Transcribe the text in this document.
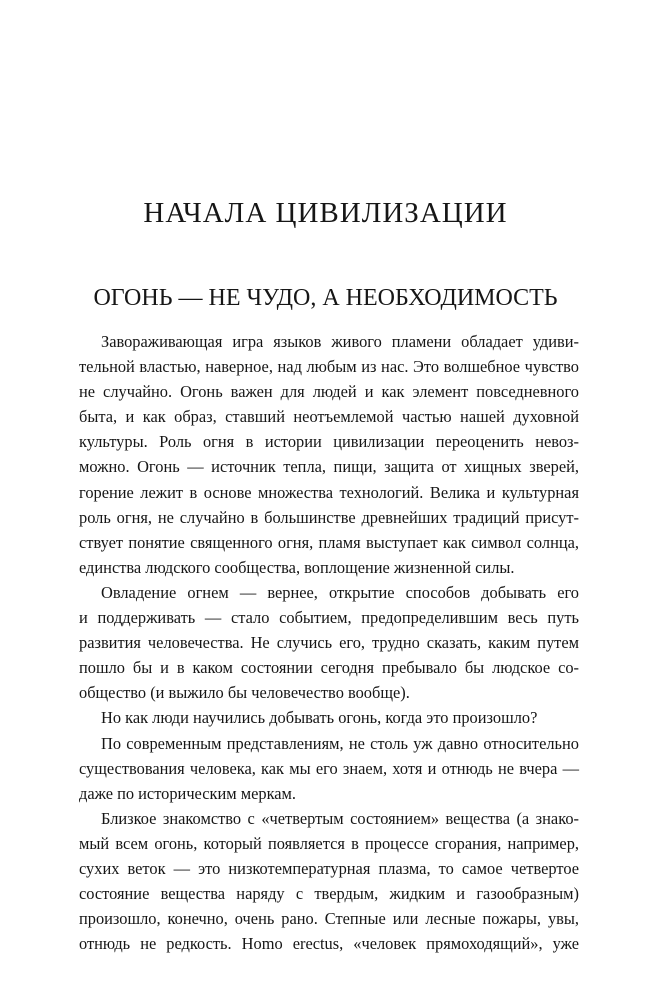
НАЧАЛА ЦИВИЛИЗАЦИИ
ОГОНЬ — НЕ ЧУДО, А НЕОБХОДИМОСТЬ
Завораживающая игра языков живого пламени обладает удиви-
тельной властью, наверное, над любым из нас. Это волшебное чувство
не случайно. Огонь важен для людей и как элемент повседневного
быта, и как образ, ставший неотъемлемой частью нашей духовной
культуры. Роль огня в истории цивилизации переоценить невоз-
можно. Огонь — источник тепла, пищи, защита от хищных зверей,
горение лежит в основе множества технологий. Велика и культурная
роль огня, не случайно в большинстве древнейших традиций присут-
ствует понятие священного огня, пламя выступает как символ солнца,
единства людского сообщества, воплощение жизненной силы.
Овладение огнем — вернее, открытие способов добывать его
и поддерживать — стало событием, предопределившим весь путь
развития человечества. Не случись его, трудно сказать, каким путем
пошло бы и в каком состоянии сегодня пребывало бы людское со-
общество (и выжило бы человечество вообще).
Но как люди научились добывать огонь, когда это произошло?
По современным представлениям, не столь уж давно относительно
существования человека, как мы его знаем, хотя и отнюдь не вчера —
даже по историческим меркам.
Близкое знакомство с «четвертым состоянием» вещества (а знако-
мый всем огонь, который появляется в процессе сгорания, например,
сухих веток — это низкотемпературная плазма, то самое четвертое
состояние вещества наряду с твердым, жидким и газообразным)
произошло, конечно, очень рано. Степные или лесные пожары, увы,
отнюдь не редкость. Homo erectus, «человек прямоходящий», уже
